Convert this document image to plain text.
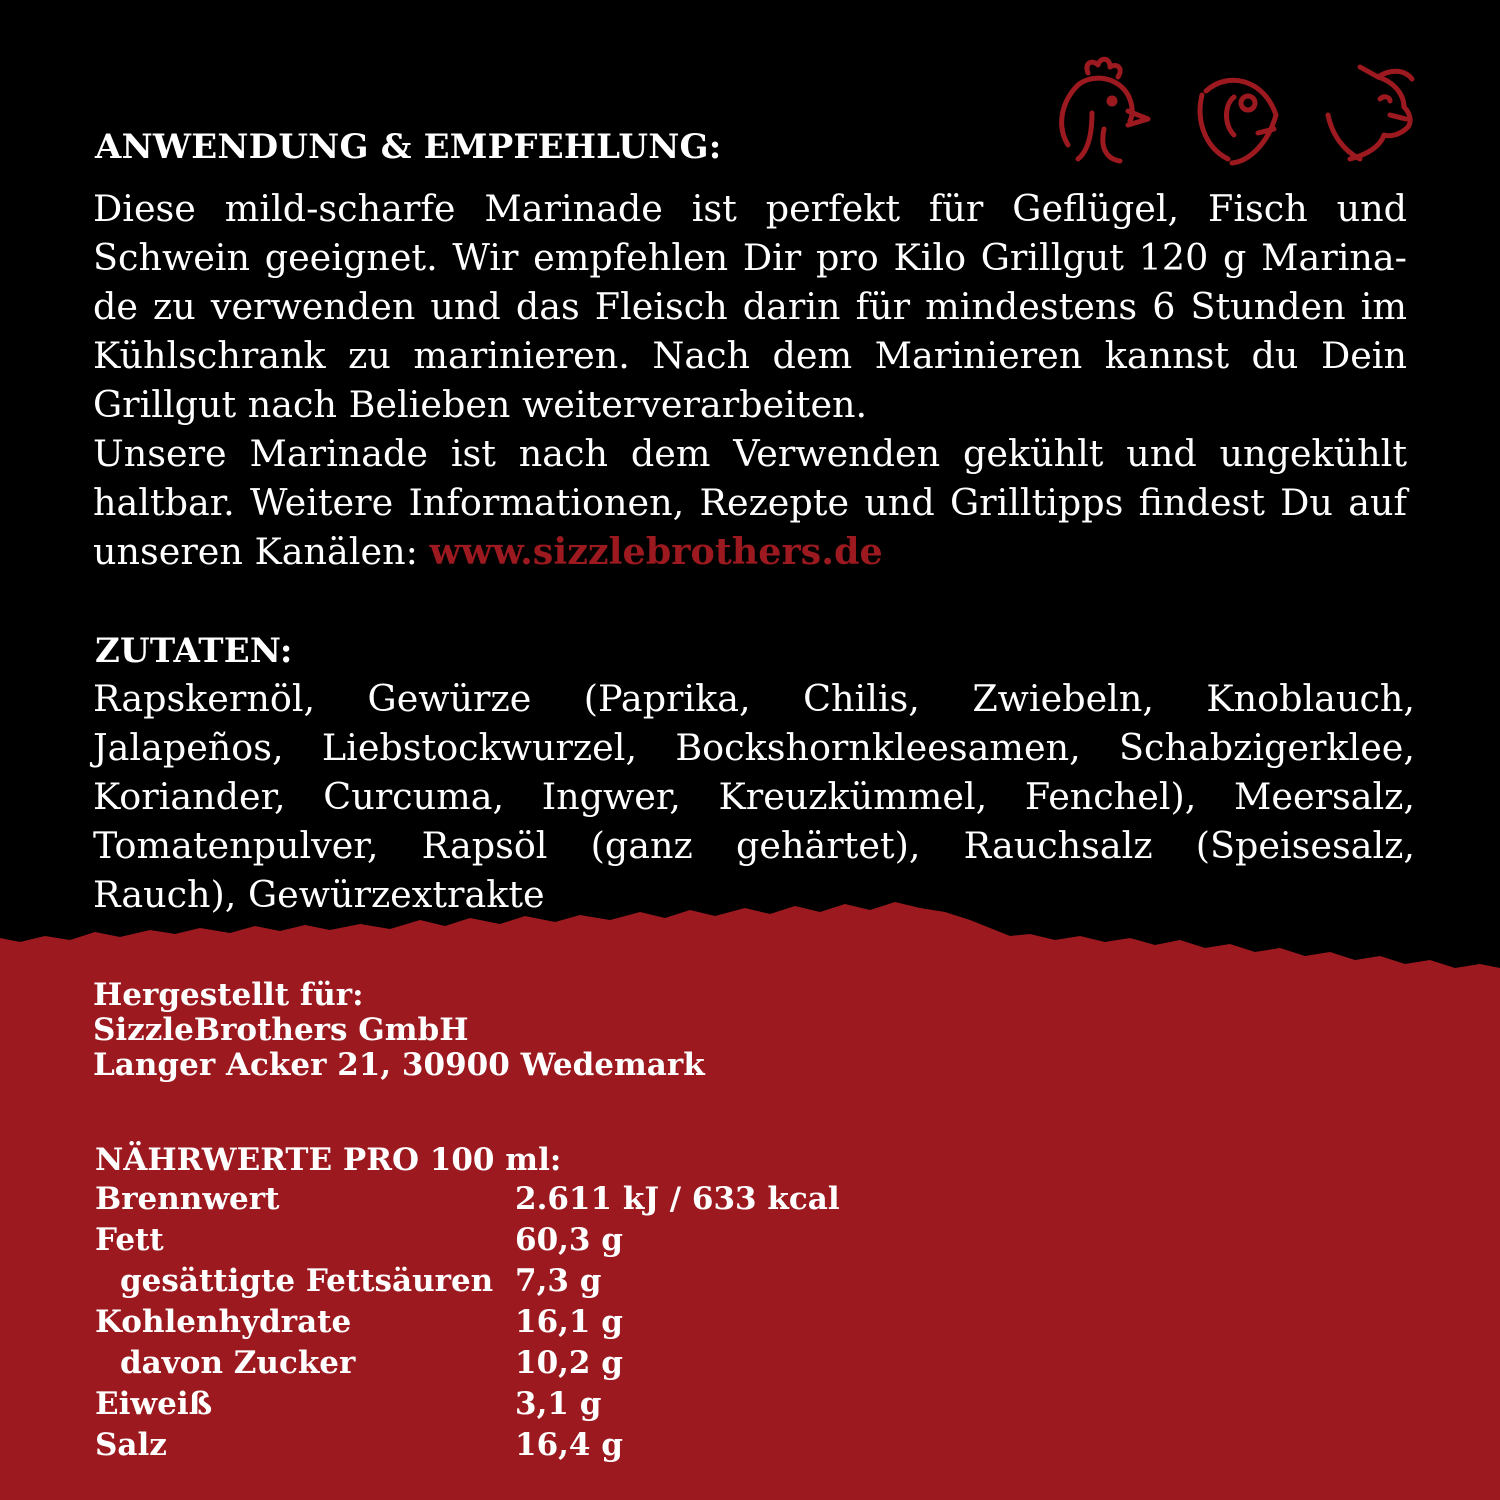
ANWENDUNG & EMPFEHLUNG:
Diese mild-scharfe Marinade ist perfekt für Geflügel, Fisch und
Schwein geeignet. Wir empfehlen Dir pro Kilo Grillgut 120 g Marina-
de zu verwenden und das Fleisch darin für mindestens 6 Stunden im
Kühlschrank zu marinieren. Nach dem Marinieren kannst du Dein
Grillgut nach Belieben weiterverarbeiten.
Unsere Marinade ist nach dem Verwenden gekühlt und ungekühlt
haltbar. Weitere Informationen, Rezepte und Grilltipps findest Du auf
unseren Kanälen: www.sizzlebrothers.de
ZUTATEN:
Rapskernöl, Gewürze (Paprika, Chilis, Zwiebeln, Knoblauch,
Jalapeños, Liebstockwurzel, Bockshornkleesamen, Schabzigerklee,
Koriander, Curcuma, Ingwer, Kreuzkümmel, Fenchel), Meersalz,
Tomatenpulver, Rapsöl (ganz gehärtet), Rauchsalz (Speisesalz,
Rauch), Gewürzextrakte
Hergestellt für:
SizzleBrothers GmbH
Langer Acker 21, 30900 Wedemark
NÄHRWERTE PRO 100 ml:
Brennwert	2.611 kJ / 633 kcal
Fett	60,3 g
gesättigte Fettsäuren 7,3 g
Kohlenhydrate	16,1 g
davon Zucker	10,2 g
Eiweiß	3,1 g
Salz	16,4 g
